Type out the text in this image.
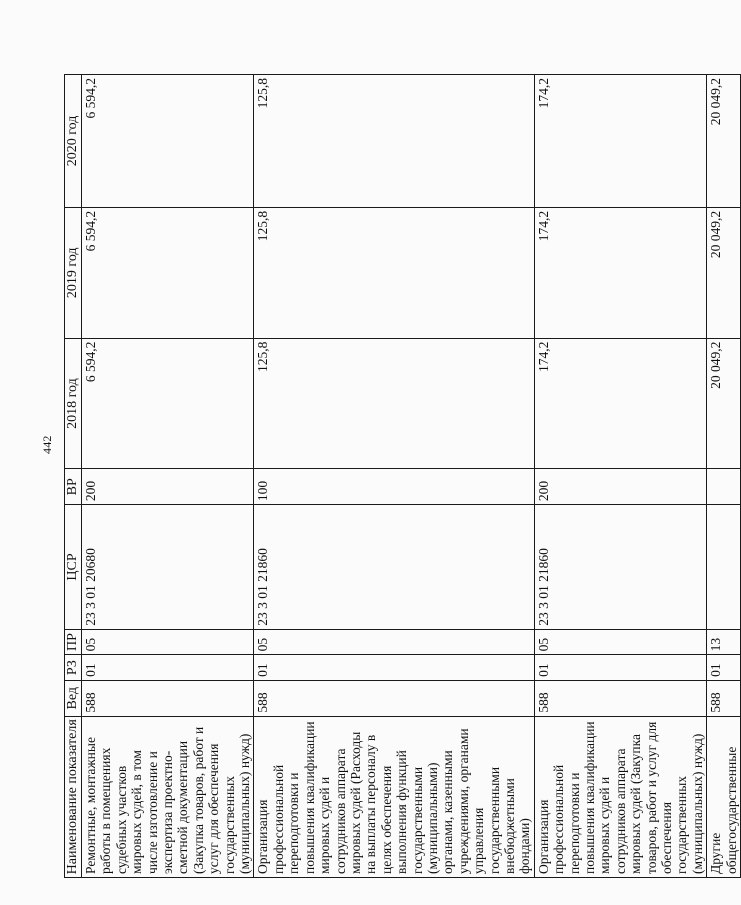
442
Наименование показателя	Вед	РЗ	ПР	ЦСР	ВР	2018 год	2019 год	2020 год
Ремонтные, монтажные работы в помещениях судебных участков мировых судей, в том числе изготовление и экспертиза проектно-сметной документации (Закупка товаров, работ и услуг для обеспечения государственных (муниципальных) нужд)	588	01	05	23 3 01 20680	200	6 594,2	6 594,2	6 594,2
Организация профессиональной переподготовки и повышения квалификации мировых судей и сотрудников аппарата мировых судей (Расходы на выплаты персоналу в целях обеспечения выполнения функций государственными (муниципальными) органами, казенными учреждениями, органами управления государственными внебюджетными фондами)	588	01	05	23 3 01 21860	100	125,8	125,8	125,8
Организация профессиональной переподготовки и повышения квалификации мировых судей и сотрудников аппарата мировых судей (Закупка товаров, работ и услуг для обеспечения государственных (муниципальных) нужд)	588	01	05	23 3 01 21860	200	174,2	174,2	174,2
Другие общегосударственные	588	01	13			20 049,2	20 049,2	20 049,2
